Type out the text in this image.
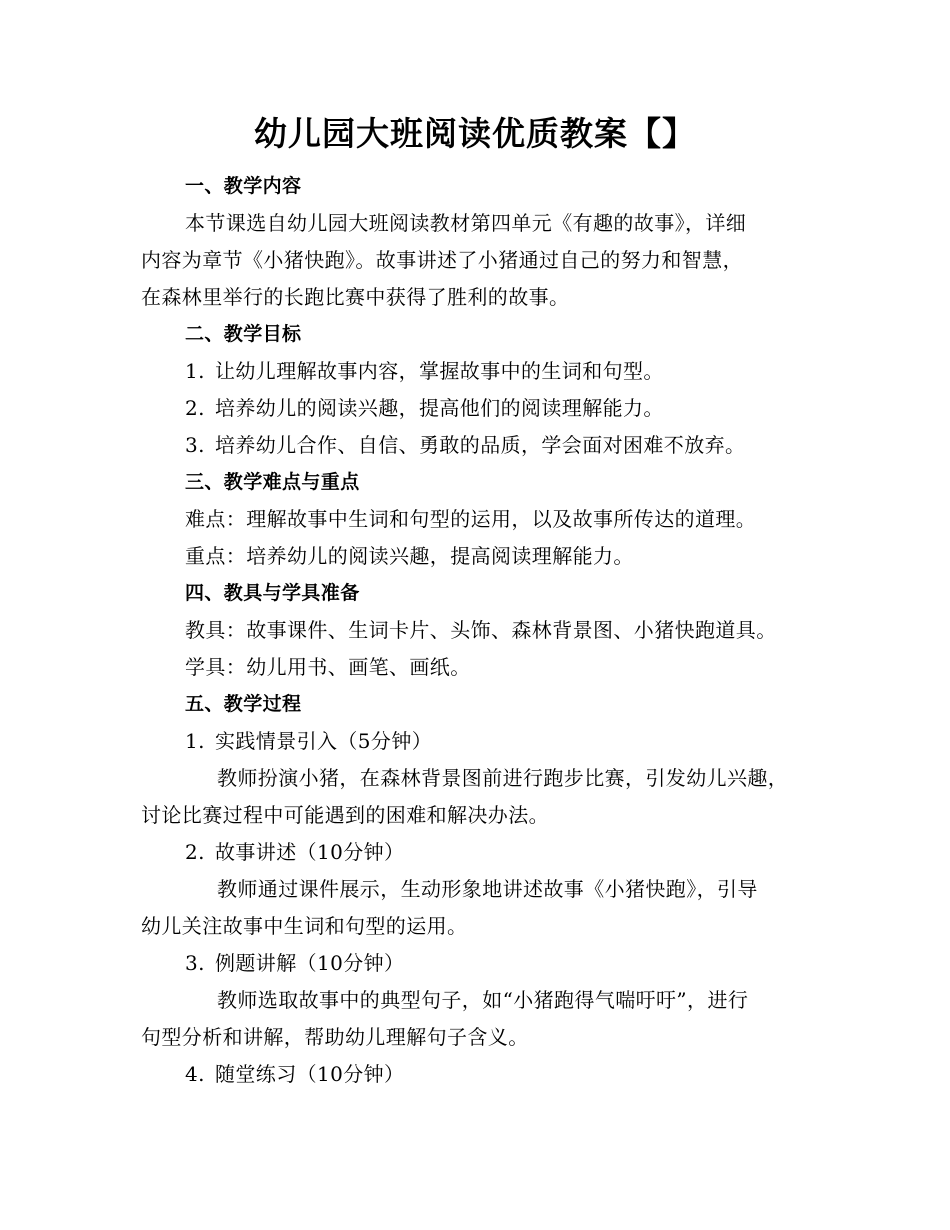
幼儿园大班阅读优质教案【】
一、教学内容
本节课选自幼儿园大班阅读教材第四单元《有趣的故事》，详细
内容为章节《小猪快跑》。故事讲述了小猪通过自己的努力和智慧，
在森林里举行的长跑比赛中获得了胜利的故事。
二、教学目标
1. 让幼儿理解故事内容，掌握故事中的生词和句型。
2. 培养幼儿的阅读兴趣，提高他们的阅读理解能力。
3. 培养幼儿合作、自信、勇敢的品质，学会面对困难不放弃。
三、教学难点与重点
难点：理解故事中生词和句型的运用，以及故事所传达的道理。
重点：培养幼儿的阅读兴趣，提高阅读理解能力。
四、教具与学具准备
教具：故事课件、生词卡片、头饰、森林背景图、小猪快跑道具。
学具：幼儿用书、画笔、画纸。
五、教学过程
1. 实践情景引入（5分钟）
教师扮演小猪，在森林背景图前进行跑步比赛，引发幼儿兴趣，
讨论比赛过程中可能遇到的困难和解决办法。
2. 故事讲述（10分钟）
教师通过课件展示，生动形象地讲述故事《小猪快跑》，引导
幼儿关注故事中生词和句型的运用。
3. 例题讲解（10分钟）
教师选取故事中的典型句子，如“小猪跑得气喘吁吁”，进行
句型分析和讲解，帮助幼儿理解句子含义。
4. 随堂练习（10分钟）
